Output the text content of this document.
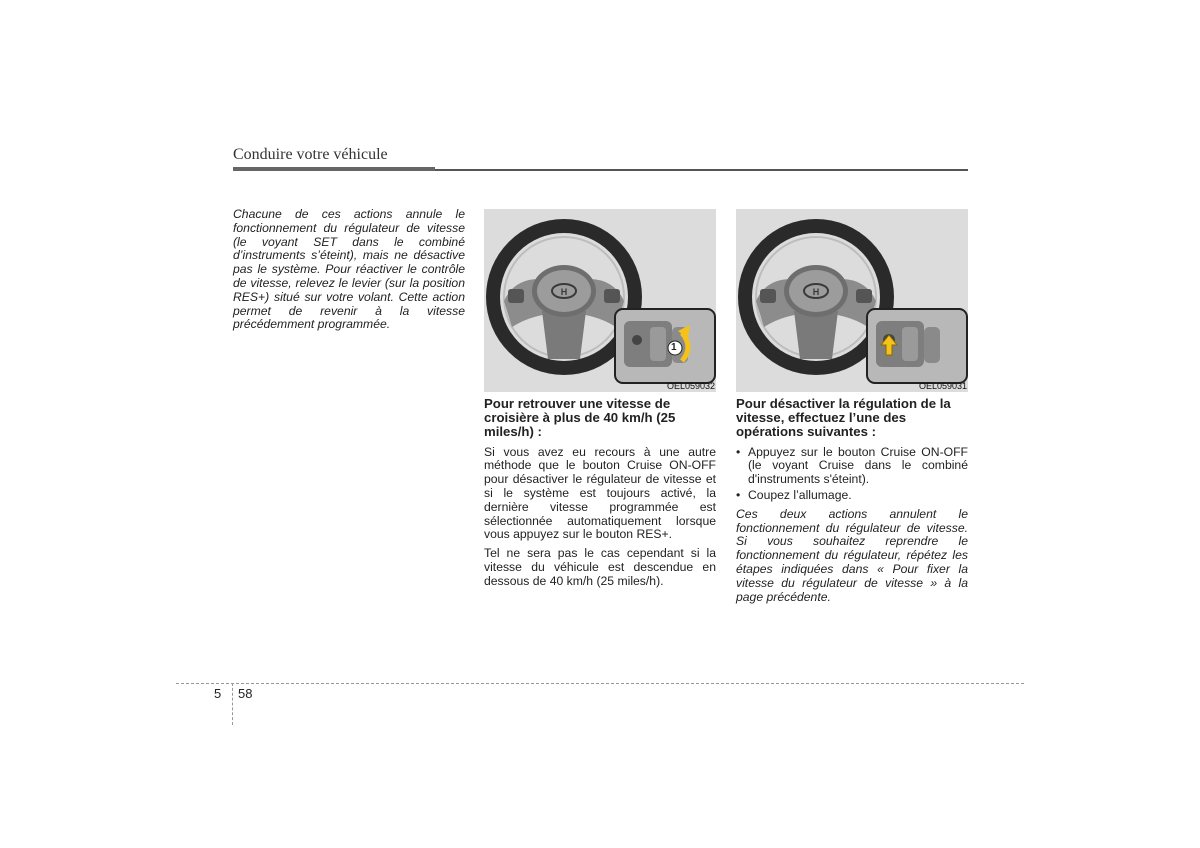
Conduire votre véhicule
Chacune de ces actions annule le fonctionnement du régulateur de vitesse (le voyant SET dans le combiné d’instruments s’éteint), mais ne désactive pas le système. Pour réactiver le contrôle de vitesse, relevez le levier (sur la position RES+) situé sur votre volant. Cette action permet de revenir à la vitesse précédemment programmée.
H
1
OEL059032
H
OEL059031
Pour retrouver une vitesse de croisière à plus de 40 km/h (25 miles/h) :
Si vous avez eu recours à une autre méthode que le bouton Cruise ON-OFF pour désactiver le régulateur de vitesse et si le système est toujours activé, la dernière vitesse programmée est sélectionnée automatiquement lorsque vous appuyez sur le bouton RES+.
Tel ne sera pas le cas cependant si la vitesse du véhicule est descendue en dessous de 40 km/h (25 miles/h).
Pour désactiver la régulation de la vitesse, effectuez l’une des opérations suivantes :
• Appuyez sur le bouton Cruise ON-OFF (le voyant Cruise dans le combiné d'instruments s'éteint).
• Coupez l’allumage.
Ces deux actions annulent le fonctionnement du régulateur de vitesse. Si vous souhaitez reprendre le fonctionnement du régulateur, répétez les étapes indiquées dans « Pour fixer la vitesse du régulateur de vitesse » à la page précédente.
5 58
